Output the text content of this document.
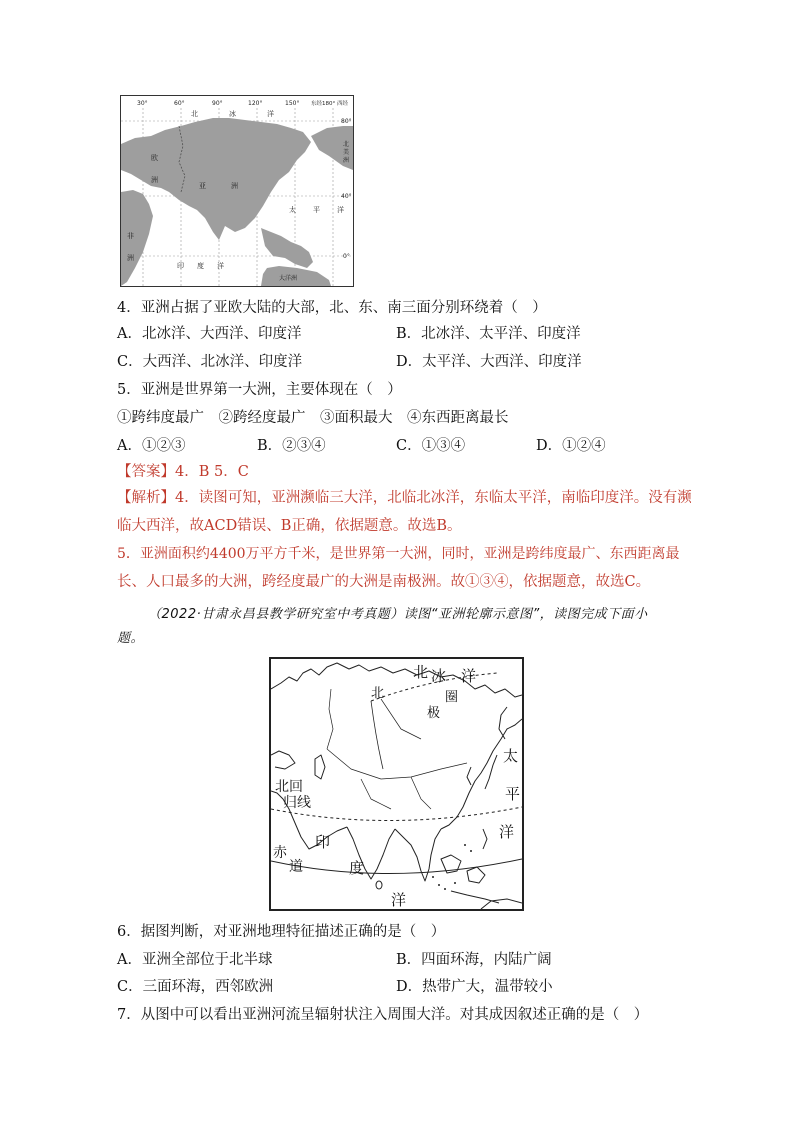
30°	60°	90°	120°	150° 东经180° 西经
80°
40°
0°
北	冰	洋
欧
洲
亚	洲
太 平 洋
非
洲
印 度 洋
大洋洲
北
美
洲
4．亚洲占据了亚欧大陆的大部，北、东、南三面分别环绕着（　）
A．北冰洋、大西洋、印度洋	B．北冰洋、太平洋、印度洋
C．大西洋、北冰洋、印度洋	D．太平洋、大西洋、印度洋
5．亚洲是世界第一大洲，主要体现在（　）
①跨纬度最广　②跨经度最广　③面积最大　④东西距离最长
A．①②③	B．②③④	C．①③④	D．①②④
【答案】4．B 5．C
【解析】4．读图可知，亚洲濒临三大洋，北临北冰洋，东临太平洋，南临印度洋。没有濒
临大西洋，故ACD错误、B正确，依据题意。故选B。
5．亚洲面积约4400万平方千米，是世界第一大洲，同时，亚洲是跨纬度最广、东西距离最
长、人口最多的大洲，跨经度最广的大洲是南极洲。故①③④，依据题意，故选C。
（2022·甘肃永昌县教学研究室中考真题）读图“亚洲轮廓示意图”，读图完成下面小
题。
北 冰 洋
圈
北
极
太
平
洋
北 回
归 线
印
度
洋
赤
道
6．据图判断，对亚洲地理特征描述正确的是（　）
A．亚洲全部位于北半球	B．四面环海，内陆广阔
C．三面环海，西邻欧洲	D．热带广大，温带较小
7．从图中可以看出亚洲河流呈辐射状注入周围大洋。对其成因叙述正确的是（　）
